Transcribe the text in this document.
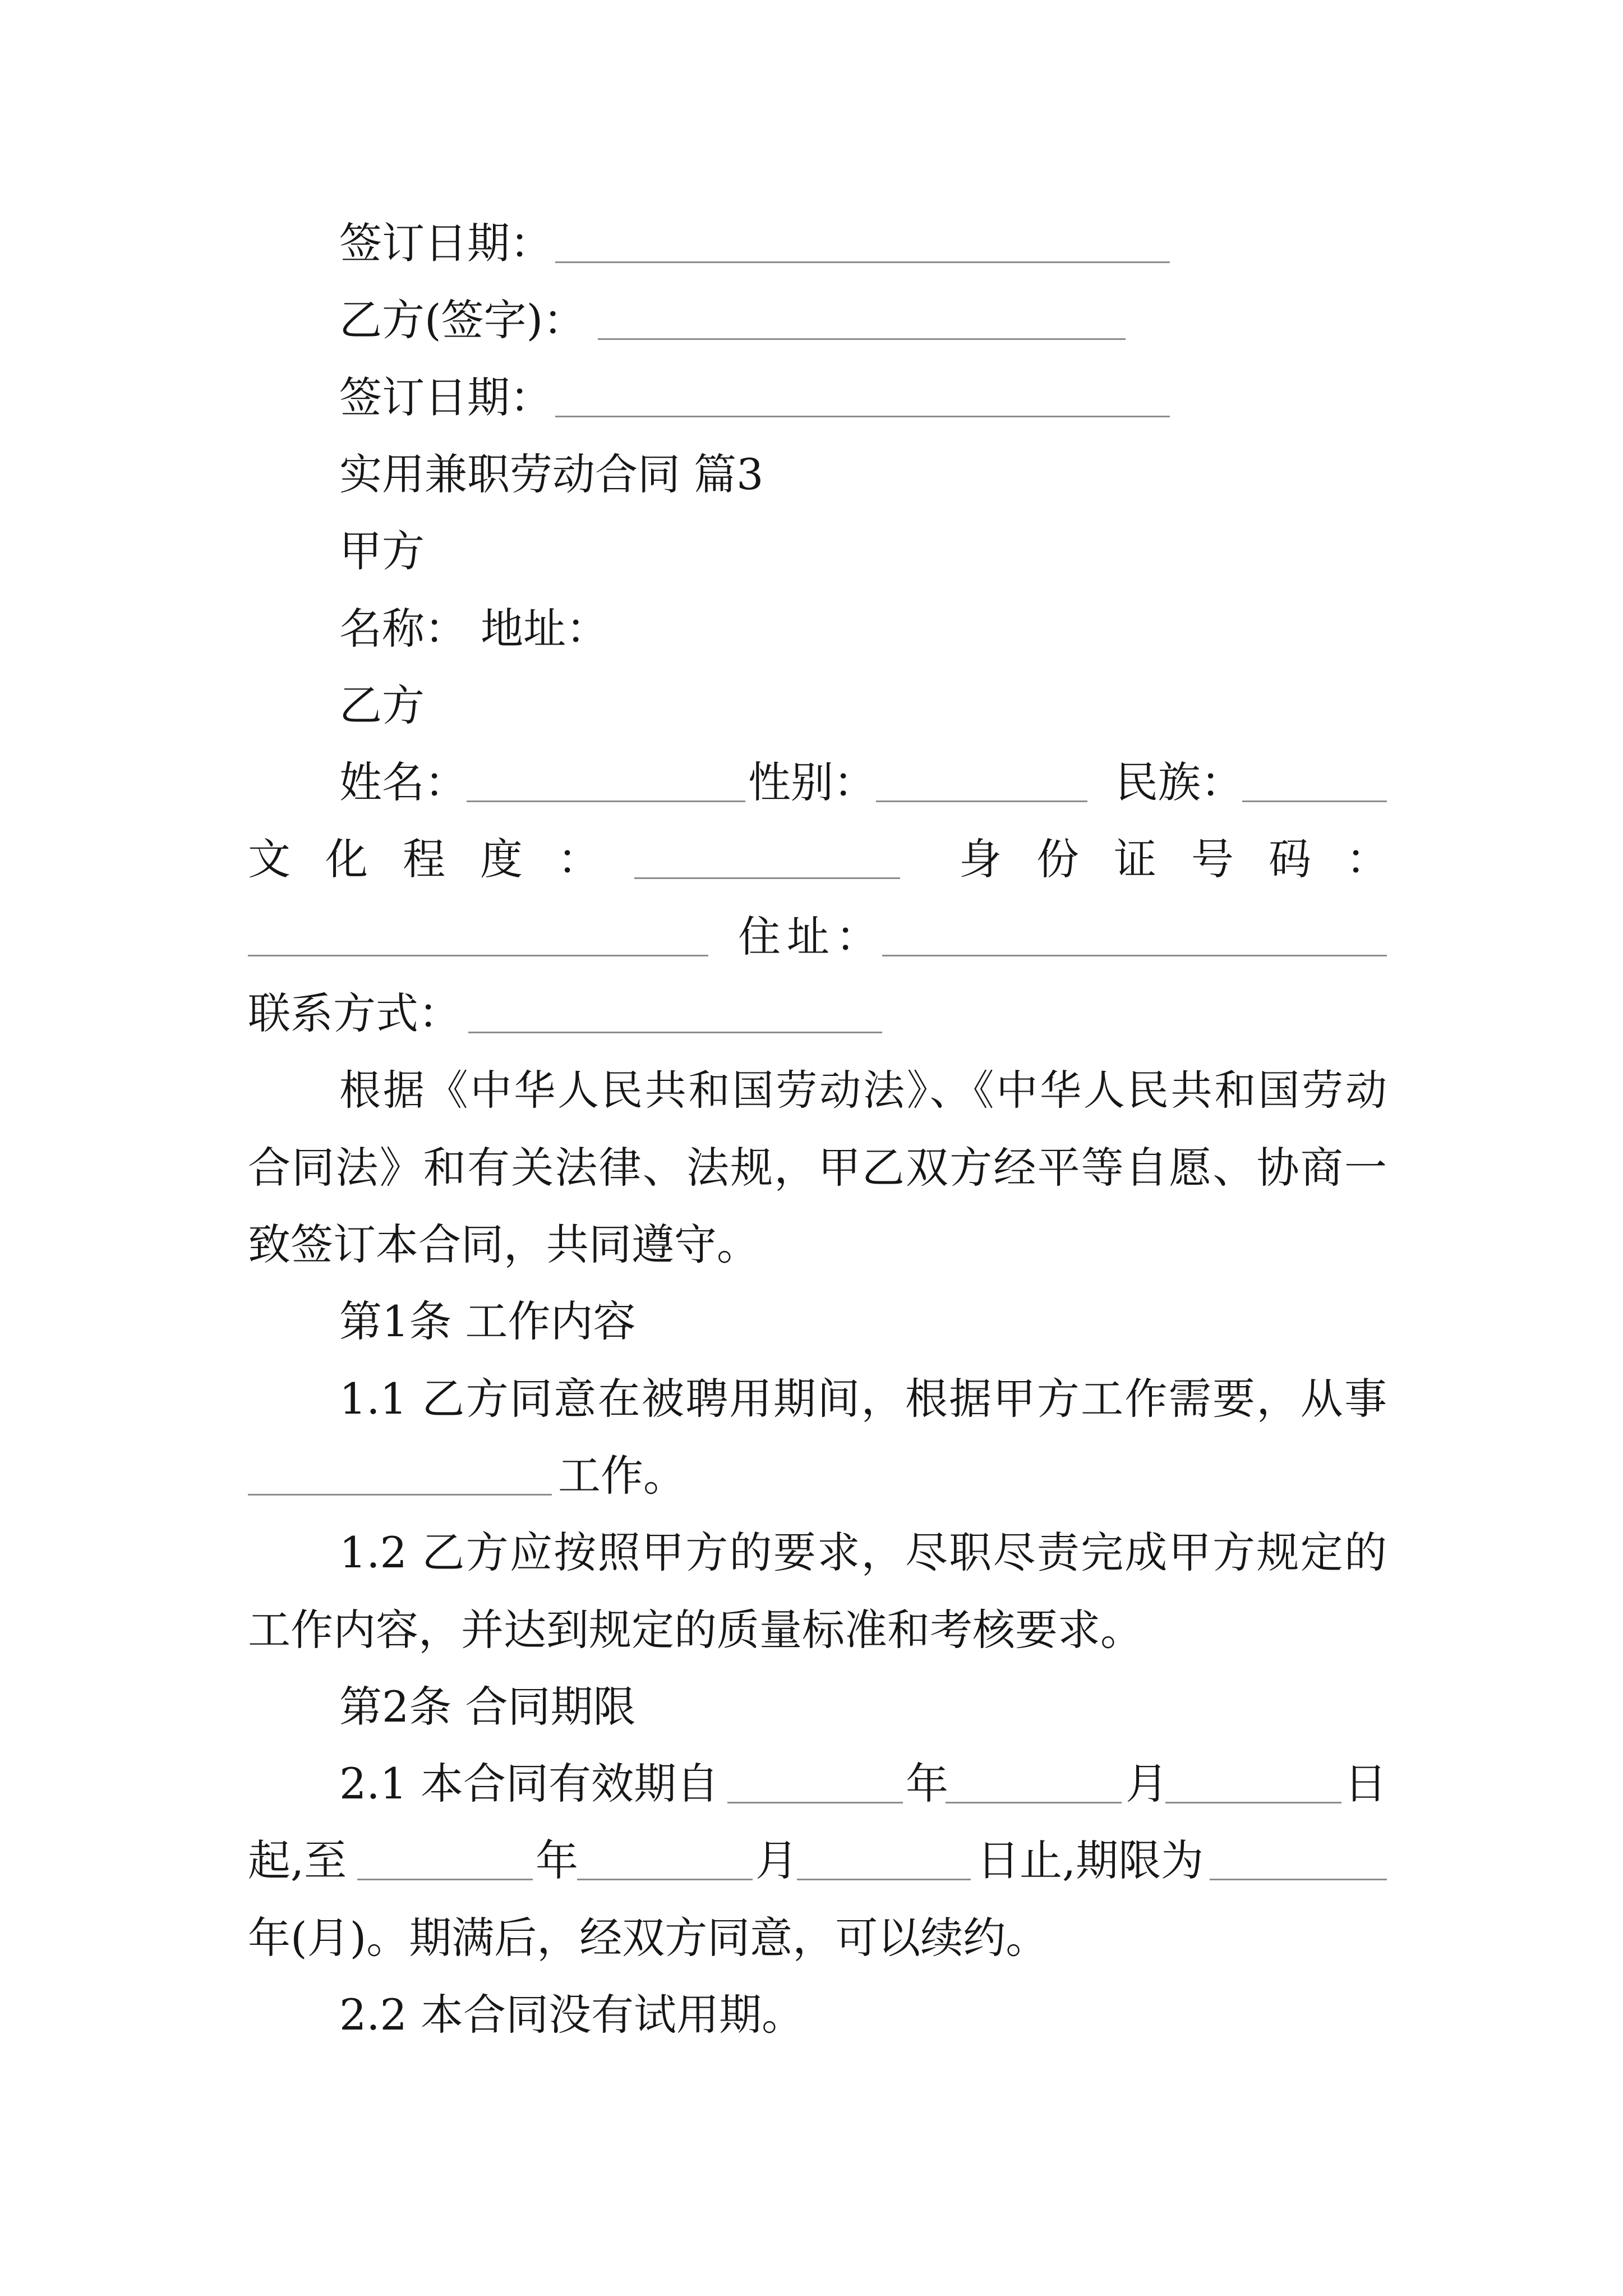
签订日期：
乙方(签字)：
签订日期：
实用兼职劳动合同 篇3
甲方
名称： 地址：
乙方
姓名：	性别：	民族：
文化程度：	身份证号码：
住址：
联系方式：
根据《中华人民共和国劳动法》、《中华人民共和国劳动
合同法》和有关法律、法规，甲乙双方经平等自愿、协商一
致签订本合同，共同遵守。
第1条 工作内容
1.1 乙方同意在被聘用期间，根据甲方工作需要，从事
工作。
1.2 乙方应按照甲方的要求，尽职尽责完成甲方规定的
工作内容，并达到规定的质量标准和考核要求。
第2条 合同期限
2.1 本合同有效期自	年	月	日
起,至	年	月	日止,期限为
年(月)。期满后，经双方同意，可以续约。
2.2 本合同没有试用期。
